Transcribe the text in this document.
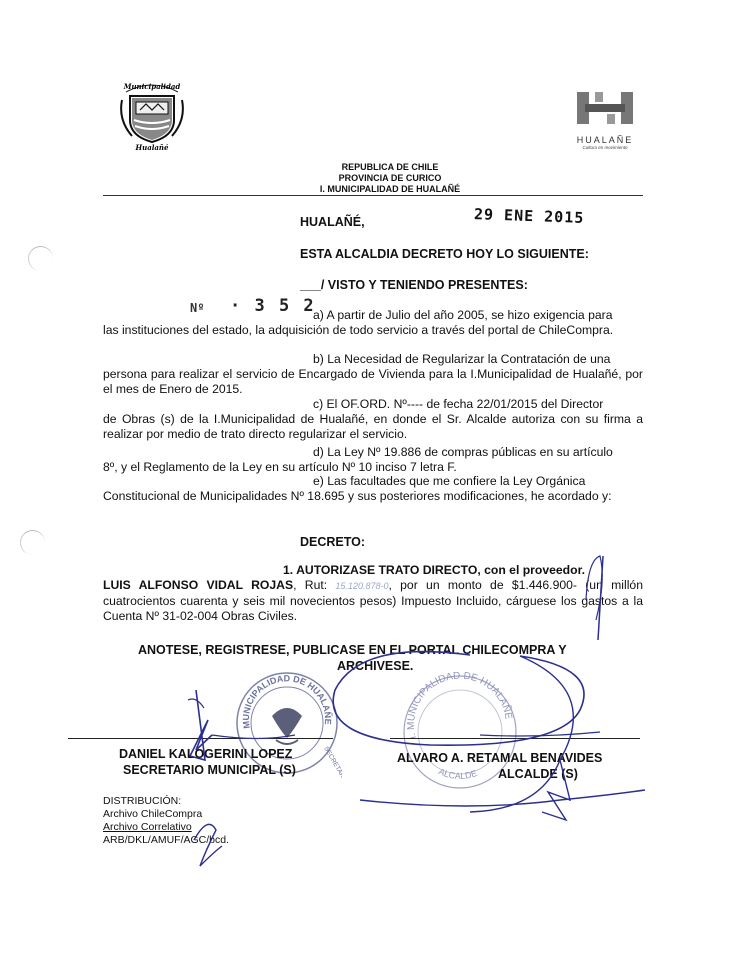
Municipalidad
Hualañé
HUALAÑE
Cultura en movimiento
REPUBLICA DE CHILE
PROVINCIA DE CURICO
I. MUNICIPALIDAD DE HUALAÑÉ
HUALAÑÉ,	29 ENE 2015
ESTA ALCALDIA DECRETO HOY LO SIGUIENTE:
___/ VISTO Y TENIENDO PRESENTES:
Nº · 3 5 2
a) A partir de Julio del año 2005, se hizo exigencia para
las instituciones del estado, la adquisición de todo servicio a través del portal de ChileCompra.
b) La Necesidad de Regularizar la Contratación de una
persona para realizar el servicio de Encargado de Vivienda para la I.Municipalidad de Hualañé, por el mes de Enero de 2015.
c) El OF.ORD. Nº---- de fecha 22/01/2015 del Director
de Obras (s) de la I.Municipalidad de Hualañé, en donde el Sr. Alcalde autoriza con su firma a realizar por medio de trato directo regularizar el servicio.
d) La Ley Nº 19.886 de compras públicas en su artículo
8º, y el Reglamento de la Ley en su artículo Nº 10 inciso 7 letra F.
e) Las facultades que me confiere la Ley Orgánica
Constitucional de Municipalidades Nº 18.695 y sus posteriores modificaciones, he acordado y:
DECRETO:
1. AUTORIZASE TRATO DIRECTO, con el proveedor.
LUIS ALFONSO VIDAL ROJAS, Rut: 15.120.878-0, por un monto de $1.446.900- (un millón cuatrocientos cuarenta y seis mil novecientos pesos) Impuesto Incluido, cárguese los gastos a la Cuenta Nº 31-02-004 Obras Civiles.
ANOTESE, REGISTRESE, PUBLICASE EN EL PORTAL CHILECOMPRA Y
ARCHIVESE.
MUNICIPALIDAD DE HUALAÑE
SECRETARIO
I. MUNICIPALIDAD DE HUALAÑE
ALCALDE
DANIEL KALOGERINI LOPEZ
SECRETARIO MUNICIPAL (S)
ALVARO A. RETAMAL BENAVIDES
ALCALDE (S)
DISTRIBUCIÓN:
Archivo ChileCompra
Archivo Correlativo
ARB/DKL/AMUF/AGC/bcd.
